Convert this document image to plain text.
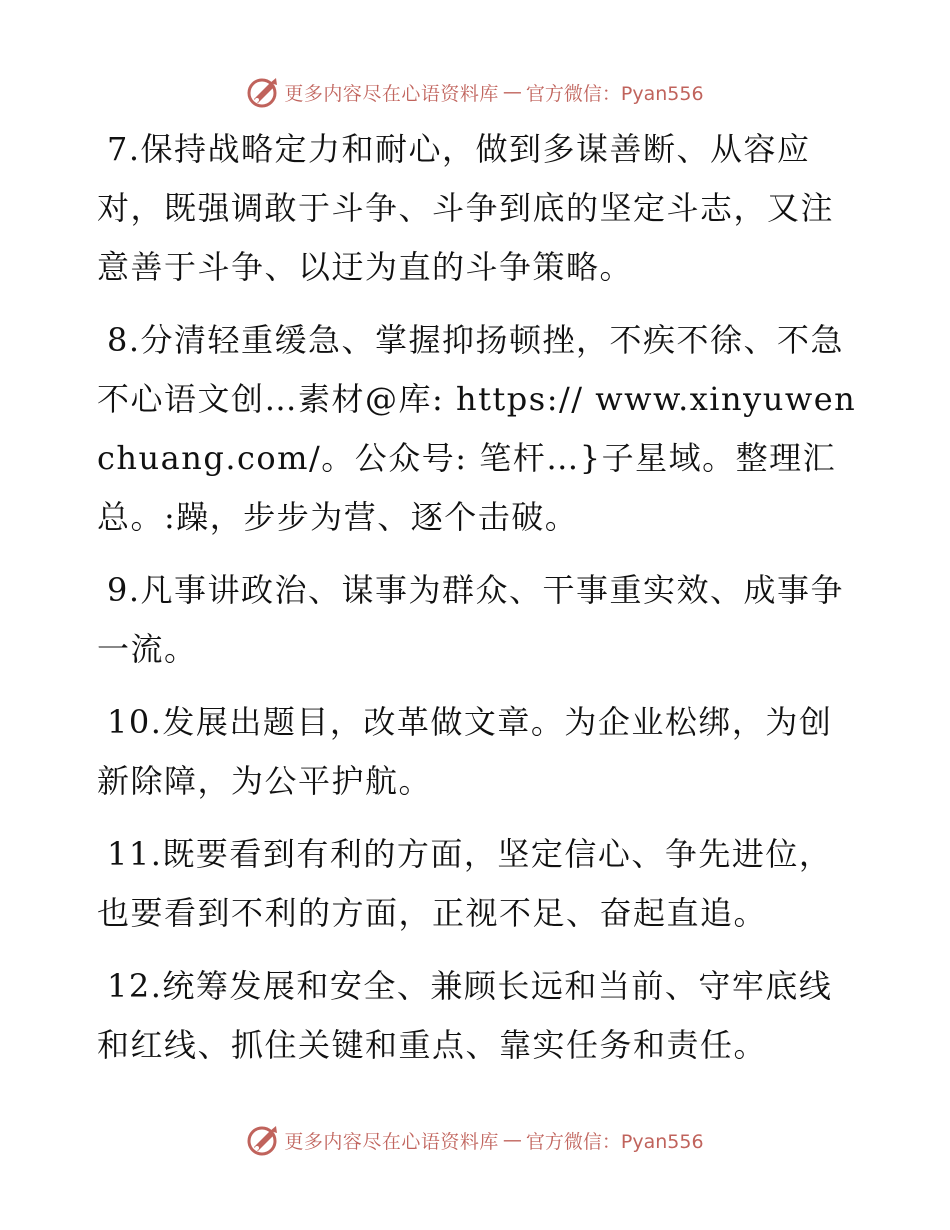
更多内容尽在心语资料库 — 官方微信：Pyan556

7.保持战略定力和耐心，做到多谋善断、从容应对，既强调敢于斗争、斗争到底的坚定斗志，又注意善于斗争、以迂为直的斗争策略。

8.分清轻重缓急、掌握抑扬顿挫，不疾不徐、不急不心语文创…素材@库: https:// www.xinyuwenchuang.com/。公众号: 笔杆…}子星域。整理汇总。:躁，步步为营、逐个击破。

9.凡事讲政治、谋事为群众、干事重实效、成事争一流。

10.发展出题目，改革做文章。为企业松绑，为创新除障，为公平护航。

11.既要看到有利的方面，坚定信心、争先进位，也要看到不利的方面，正视不足、奋起直追。

12.统筹发展和安全、兼顾长远和当前、守牢底线和红线、抓住关键和重点、靠实任务和责任。

更多内容尽在心语资料库 — 官方微信：Pyan556
